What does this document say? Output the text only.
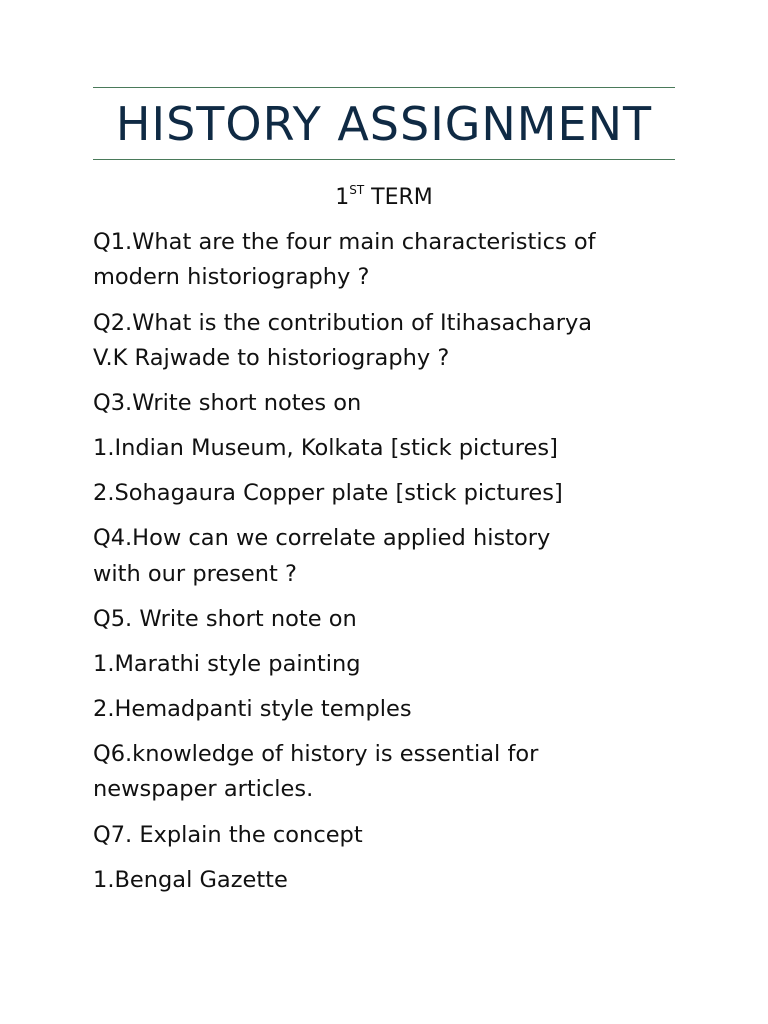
HISTORY ASSIGNMENT
1ST TERM
Q1.What are the four main characteristics of
modern historiography ?
Q2.What is the contribution of Itihasacharya
V.K Rajwade to historiography ?
Q3.Write short notes on
1.Indian Museum, Kolkata [stick pictures]
2.Sohagaura Copper plate [stick pictures]
Q4.How can we correlate applied history
with our present ?
Q5. Write short note on
1.Marathi style painting
2.Hemadpanti style temples
Q6.knowledge of history is essential for
newspaper articles.
Q7. Explain the concept
1.Bengal Gazette
